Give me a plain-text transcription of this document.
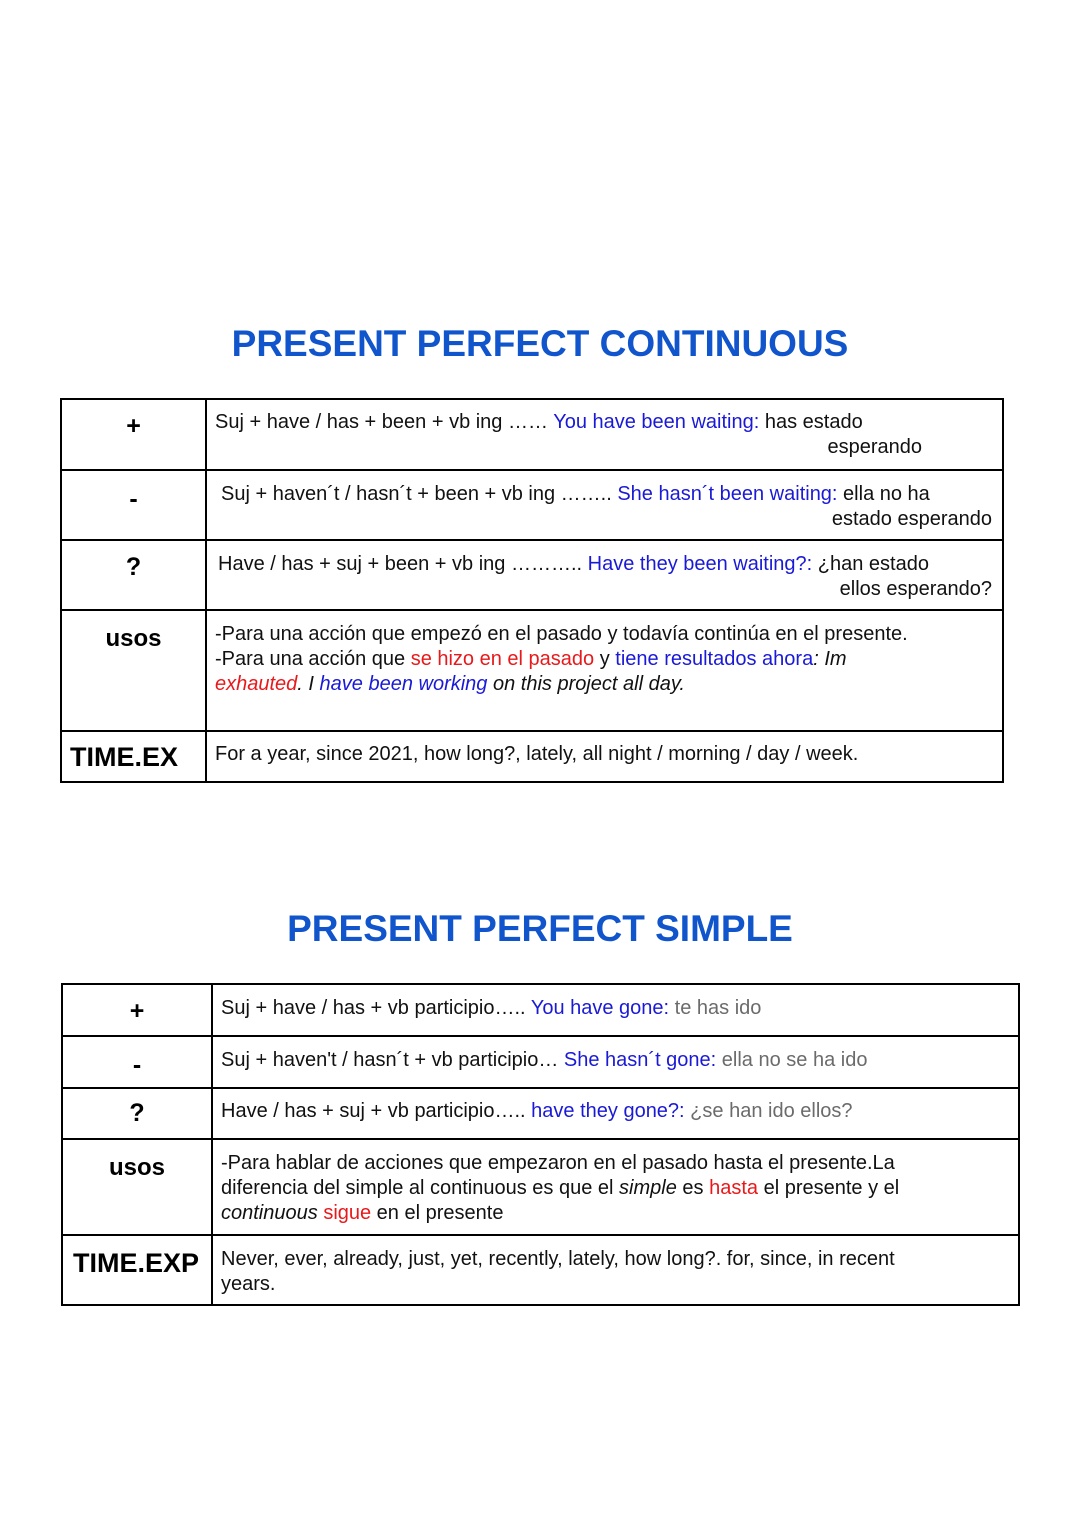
PRESENT PERFECT CONTINUOUS
+	Suj + have / has + been + vb ing …… You have been waiting: has estado
esperando

-	Suj + haven´t / hasn´t + been + vb ing …….. She hasn´t been waiting: ella no ha
estado esperando

?	Have / has + suj + been + vb ing ……….. Have they been waiting?: ¿han estado
ellos esperando?

usos	-Para una acción que empezó en el pasado y todavía continúa en el presente.
-Para una acción que se hizo en el pasado y tiene resultados ahora: Im
exhauted. I have been working on this project all day.

TIME.EX	For a year, since 2021, how long?, lately, all night / morning / day / week.
PRESENT PERFECT SIMPLE
+	Suj + have / has + vb participio….. You have gone: te has ido

-	Suj + haven't / hasn´t + vb participio… She hasn´t gone: ella no se ha ido

?	Have / has + suj + vb participio….. have they gone?: ¿se han ido ellos?

usos	-Para hablar de acciones que empezaron en el pasado hasta el presente.La
diferencia del simple al continuous es que el simple es hasta el presente y el
continuous sigue en el presente

TIME.EXP	Never, ever, already, just, yet, recently, lately, how long?. for, since, in recent
years.
